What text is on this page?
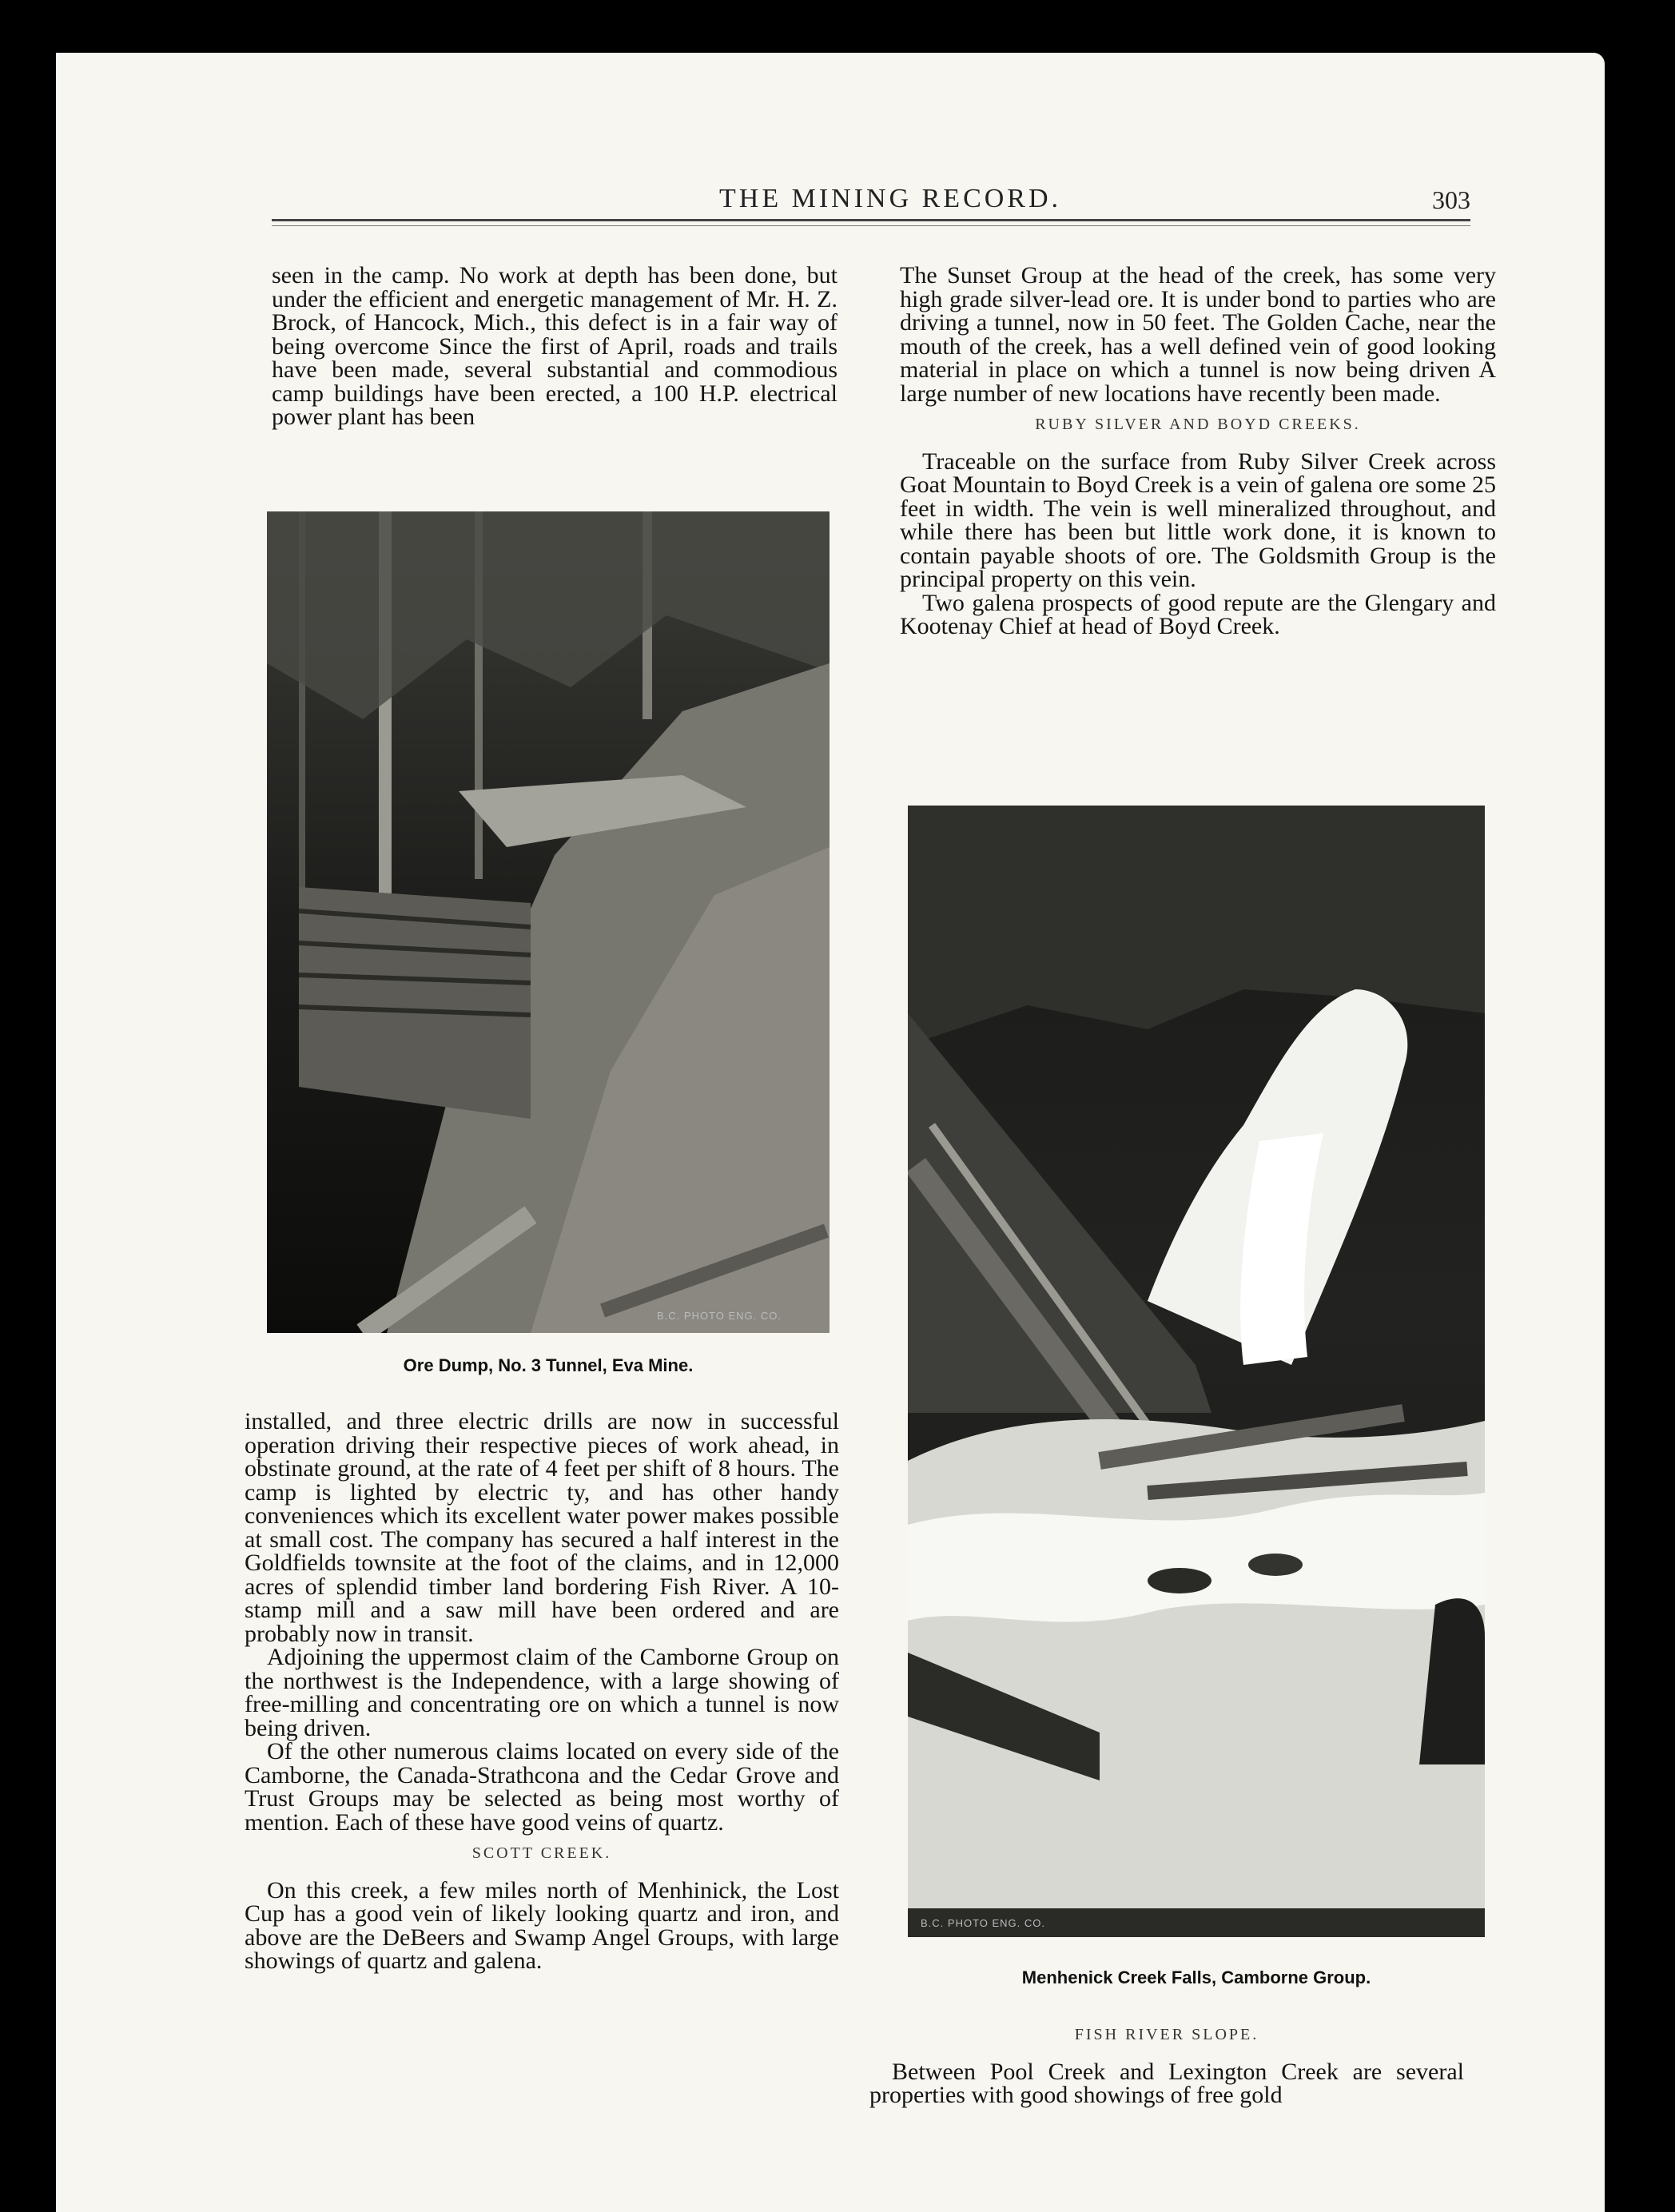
THE MINING RECORD.	303

seen in the camp. No work at depth has been done, but under the efficient and energetic management of Mr. H. Z. Brock, of Hancock, Mich., this defect is in a fair way of being overcome Since the first of April, roads and trails have been made, several substantial and commodious camp buildings have been erected, a 100 H.P. electrical power plant has been

B.C. PHOTO ENG. CO.
Ore Dump, No. 3 Tunnel, Eva Mine.

installed, and three electric drills are now in successful operation driving their respective pieces of work ahead, in obstinate ground, at the rate of 4 feet per shift of 8 hours. The camp is lighted by electric ty, and has other handy conveniences which its excellent water power makes possible at small cost. The company has secured a half interest in the Goldfields townsite at the foot of the claims, and in 12,000 acres of splendid timber land bordering Fish River. A 10-stamp mill and a saw mill have been ordered and are probably now in transit.

Adjoining the uppermost claim of the Camborne Group on the northwest is the Independence, with a large showing of free-milling and concentrating ore on which a tunnel is now being driven.

Of the other numerous claims located on every side of the Camborne, the Canada-Strathcona and the Cedar Grove and Trust Groups may be selected as being most worthy of mention. Each of these have good veins of quartz.

SCOTT CREEK.

On this creek, a few miles north of Menhinick, the Lost Cup has a good vein of likely looking quartz and iron, and above are the DeBeers and Swamp Angel Groups, with large showings of quartz and galena.

The Sunset Group at the head of the creek, has some very high grade silver-lead ore. It is under bond to parties who are driving a tunnel, now in 50 feet. The Golden Cache, near the mouth of the creek, has a well defined vein of good looking material in place on which a tunnel is now being driven A large number of new locations have recently been made.

RUBY SILVER AND BOYD CREEKS.

Traceable on the surface from Ruby Silver Creek across Goat Mountain to Boyd Creek is a vein of galena ore some 25 feet in width. The vein is well mineralized throughout, and while there has been but little work done, it is known to contain payable shoots of ore. The Goldsmith Group is the principal property on this vein.

Two galena prospects of good repute are the Glengary and Kootenay Chief at head of Boyd Creek.

B.C. PHOTO ENG. CO.
Menhenick Creek Falls, Camborne Group.
FISH RIVER SLOPE.

Between Pool Creek and Lexington Creek are several properties with good showings of free gold
